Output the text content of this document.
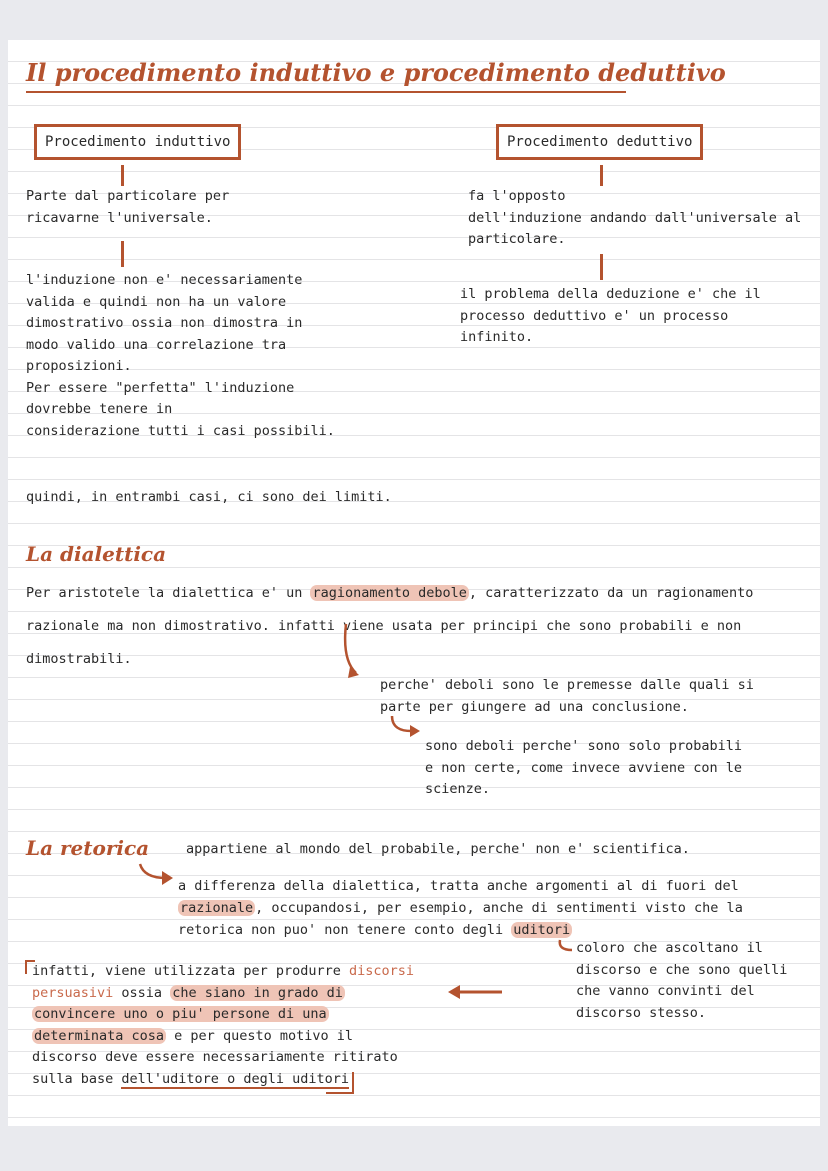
Il procedimento induttivo e procedimento deduttivo
Procedimento induttivo
Parte dal particolare per
ricavarne l'universale.
l'induzione non e' necessariamente
valida e quindi non ha un valore
dimostrativo ossia non dimostra in
modo valido una correlazione tra
proposizioni.
Per essere "perfetta" l'induzione
dovrebbe tenere in
considerazione tutti i casi possibili.
Procedimento deduttivo
fa l'opposto
dell'induzione andando dall'universale al
particolare.
il problema della deduzione e' che il
processo deduttivo e' un processo
infinito.
quindi, in entrambi casi, ci sono dei limiti.
La dialettica
Per aristotele la dialettica e' un ragionamento debole , caratterizzato da un ragionamento
razionale ma non dimostrativo. infatti viene usata per principi che sono probabili e non
dimostrabili.
perche' deboli sono le premesse dalle quali si
parte per giungere ad una conclusione.
sono deboli perche' sono solo probabili
e non certe, come invece avviene con le
scienze.
La retorica	appartiene al mondo del probabile, perche' non e' scientifica.
a differenza della dialettica, tratta anche argomenti al di fuori del
razionale , occupandosi, per esempio, anche di sentimenti visto che la
retorica non puo' non tenere conto degli uditori
coloro che ascoltano il
discorso e che sono quelli
che vanno convinti del
discorso stesso.
infatti, viene utilizzata per produrre discorsi
persuasivi ossia che siano in grado di
convincere uno o piu' persone di una
determinata cosa e per questo motivo il
discorso deve essere necessariamente ritirato
sulla base dell'uditore o degli uditori.
